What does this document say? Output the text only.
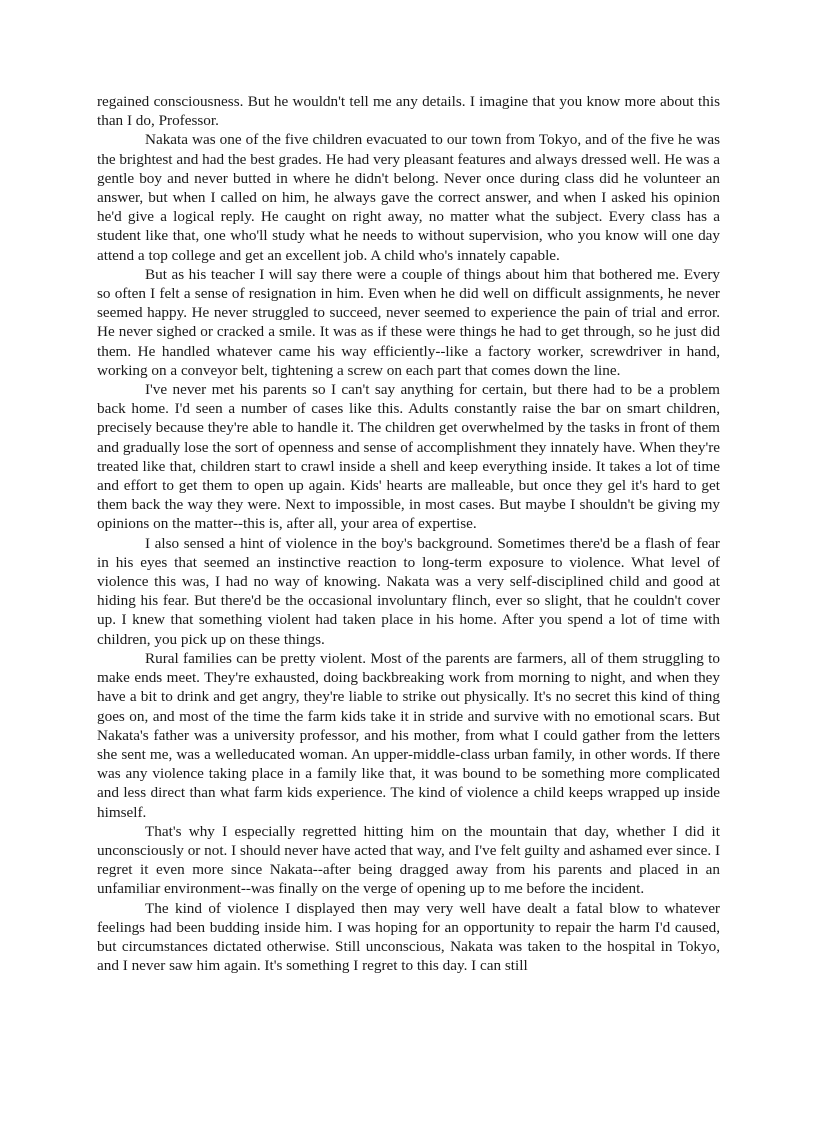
regained consciousness. But he wouldn't tell me any details. I imagine that you know more about this than I do, Professor.

Nakata was one of the five children evacuated to our town from Tokyo, and of the five he was the brightest and had the best grades. He had very pleasant features and always dressed well. He was a gentle boy and never butted in where he didn't belong. Never once during class did he volunteer an answer, but when I called on him, he always gave the correct answer, and when I asked his opinion he'd give a logical reply. He caught on right away, no matter what the subject. Every class has a student like that, one who'll study what he needs to without supervision, who you know will one day attend a top college and get an excellent job. A child who's innately capable.

But as his teacher I will say there were a couple of things about him that bothered me. Every so often I felt a sense of resignation in him. Even when he did well on difficult assignments, he never seemed happy. He never struggled to succeed, never seemed to experience the pain of trial and error. He never sighed or cracked a smile. It was as if these were things he had to get through, so he just did them. He handled whatever came his way efficiently--like a factory worker, screwdriver in hand, working on a conveyor belt, tightening a screw on each part that comes down the line.

I've never met his parents so I can't say anything for certain, but there had to be a problem back home. I'd seen a number of cases like this. Adults constantly raise the bar on smart children, precisely because they're able to handle it. The children get overwhelmed by the tasks in front of them and gradually lose the sort of openness and sense of accomplishment they innately have. When they're treated like that, children start to crawl inside a shell and keep everything inside. It takes a lot of time and effort to get them to open up again. Kids' hearts are malleable, but once they gel it's hard to get them back the way they were. Next to impossible, in most cases. But maybe I shouldn't be giving my opinions on the matter--this is, after all, your area of expertise.

I also sensed a hint of violence in the boy's background. Sometimes there'd be a flash of fear in his eyes that seemed an instinctive reaction to long-term exposure to violence. What level of violence this was, I had no way of knowing. Nakata was a very self-disciplined child and good at hiding his fear. But there'd be the occasional involuntary flinch, ever so slight, that he couldn't cover up. I knew that something violent had taken place in his home. After you spend a lot of time with children, you pick up on these things.

Rural families can be pretty violent. Most of the parents are farmers, all of them struggling to make ends meet. They're exhausted, doing backbreaking work from morning to night, and when they have a bit to drink and get angry, they're liable to strike out physically. It's no secret this kind of thing goes on, and most of the time the farm kids take it in stride and survive with no emotional scars. But Nakata's father was a university professor, and his mother, from what I could gather from the letters she sent me, was a welleducated woman. An upper-middle-class urban family, in other words. If there was any violence taking place in a family like that, it was bound to be something more complicated and less direct than what farm kids experience. The kind of violence a child keeps wrapped up inside himself.

That's why I especially regretted hitting him on the mountain that day, whether I did it unconsciously or not. I should never have acted that way, and I've felt guilty and ashamed ever since. I regret it even more since Nakata--after being dragged away from his parents and placed in an unfamiliar environment--was finally on the verge of opening up to me before the incident.

The kind of violence I displayed then may very well have dealt a fatal blow to whatever feelings had been budding inside him. I was hoping for an opportunity to repair the harm I'd caused, but circumstances dictated otherwise. Still unconscious, Nakata was taken to the hospital in Tokyo, and I never saw him again. It's something I regret to this day. I can still
